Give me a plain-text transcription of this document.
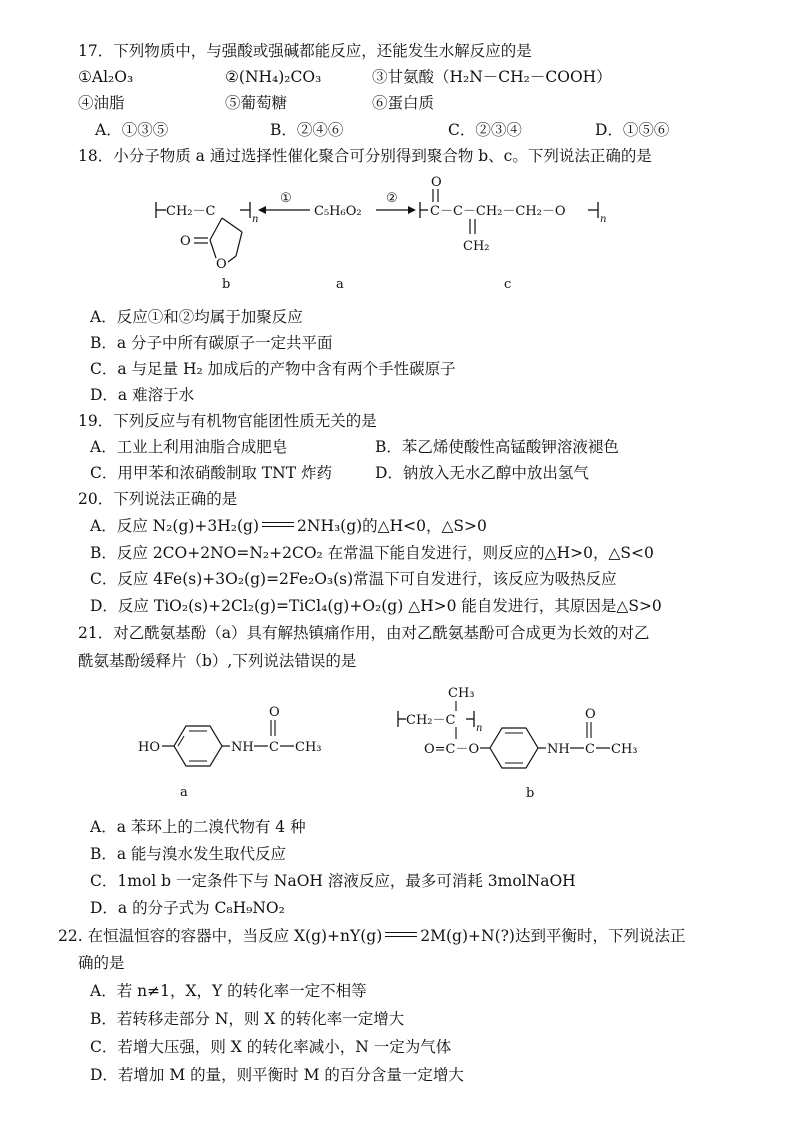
17．下列物质中，与强酸或强碱都能反应，还能发生水解反应的是
①Al₂O₃	②(NH₄)₂CO₃	③甘氨酸（H₂N－CH₂－COOH）
④油脂	⑤葡萄糖	⑥蛋白质
A．①③⑤	B．②④⑥	C．②③④	D．①⑤⑥
18．小分子物质 a 通过选择性催化聚合可分别得到聚合物 b、c。下列说法正确的是
CH₂－C
n
O
O
①
C₅H₆O₂
②
C－C－CH₂－CH₂－O
n
O
CH₂
b	a	c
A．反应①和②均属于加聚反应
B．a 分子中所有碳原子一定共平面
C．a 与足量 H₂ 加成后的产物中含有两个手性碳原子
D．a 难溶于水
19．下列反应与有机物官能团性质无关的是
A．工业上利用油脂合成肥皂	B．苯乙烯使酸性高锰酸钾溶液褪色
C．用甲苯和浓硝酸制取 TNT 炸药	D．钠放入无水乙醇中放出氢气
20．下列说法正确的是
A．反应 N₂(g)+3H₂(g) 2NH₃(g)的△H<0，△S>0
B．反应 2CO+2NO=N₂+2CO₂ 在常温下能自发进行，则反应的△H>0，△S<0
C．反应 4Fe(s)+3O₂(g)=2Fe₂O₃(s)常温下可自发进行，该反应为吸热反应
D．反应 TiO₂(s)+2Cl₂(g)=TiCl₄(g)+O₂(g) △H>0 能自发进行，其原因是△S>0
21．对乙酰氨基酚（a）具有解热镇痛作用，由对乙酰氨基酚可合成更为长效的对乙
酰氨基酚缓释片（b）,下列说法错误的是
HO	NH C
O
CH₃
a
CH₃
CH₂－C
n
O=C－O	NH C
O
CH₃
b
A．a 苯环上的二溴代物有 4 种
B．a 能与溴水发生取代反应
C．1mol b 一定条件下与 NaOH 溶液反应，最多可消耗 3molNaOH
D．a 的分子式为 C₈H₉NO₂
22. 在恒温恒容的容器中，当反应 X(g)+nY(g) 2M(g)+N(?)达到平衡时，下列说法正
确的是
A．若 n≠1，X，Y 的转化率一定不相等
B．若转移走部分 N，则 X 的转化率一定增大
C．若增大压强，则 X 的转化率减小，N 一定为气体
D．若增加 M 的量，则平衡时 M 的百分含量一定增大
